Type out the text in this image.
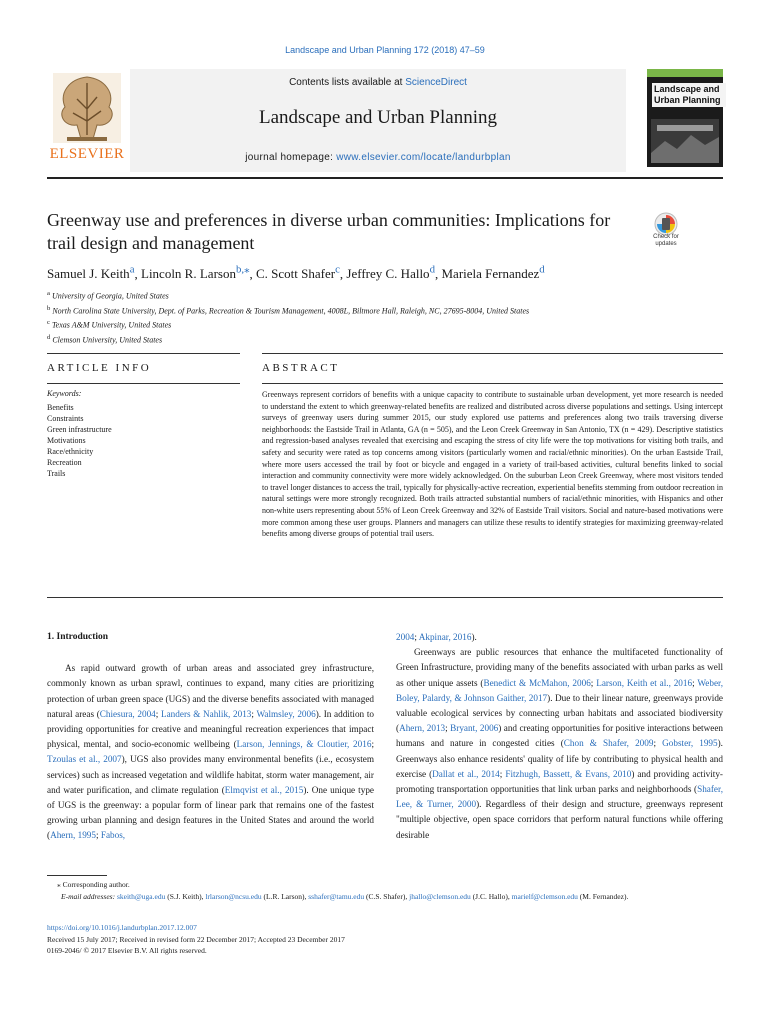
Landscape and Urban Planning 172 (2018) 47–59
ELSEVIER
Contents lists available at ScienceDirect
Landscape and Urban Planning
journal homepage: www.elsevier.com/locate/landurbplan
Landscape and Urban Planning
Greenway use and preferences in diverse urban communities: Implications for trail design and management	Check for updates
Samuel J. Keith$^a$, Lincoln R. Larson$^{b,⁎}$, C. Scott Shafer$^c$, Jeffrey C. Hallo$^d$, Mariela Fernandez$^d$
$^a$ University of Georgia, United States
$^b$ North Carolina State University, Dept. of Parks, Recreation & Tourism Management, 4008L, Biltmore Hall, Raleigh, NC, 27695-8004, United States
$^c$ Texas A&M University, United States
$^d$ Clemson University, United States
ARTICLE INFO	ABSTRACT
Keywords:
Benefits
Constraints
Green infrastructure
Motivations
Race/ethnicity
Recreation
Trails
Greenways represent corridors of benefits with a unique capacity to contribute to sustainable urban development, yet more research is needed to understand the extent to which greenway-related benefits are realized and distributed across diverse populations and settings. Using intercept surveys of greenway users during summer 2015, our study explored use patterns and preferences along two trails traversing diverse neighborhoods: the Eastside Trail in Atlanta, GA (n = 505), and the Leon Creek Greenway in San Antonio, TX (n = 429). Descriptive statistics and regression-based analyses revealed that exercising and escaping the stress of city life were the top motivations for visiting both trails, and safety and security were rated as top concerns among visitors (particularly women and racial/ethnic minorities). On the urban Eastside Trail, where more users accessed the trail by foot or bicycle and engaged in a variety of trail-based activities, cultural benefits linked to social interaction and community connectivity were more widely acknowledged. On the suburban Leon Creek Greenway, where most visitors tended to travel longer distances to access the trail, typically for physically-active recreation, experiential benefits stemming from outdoor recreation in natural settings were more strongly recognized. Both trails attracted substantial numbers of racial/ethnic minorities, with Hispanics and other non-white users representing about 55% of Leon Creek Greenway and 32% of Eastside Trail visitors. Social and nature-based motivations were more common among these user groups. Planners and managers can utilize these results to identify strategies for maximizing greenway-related benefits among diverse groups of potential trail users.

1. Introduction

As rapid outward growth of urban areas and associated grey infrastructure, commonly known as urban sprawl, continues to expand, many cities are prioritizing protection of urban green space (UGS) and the diverse benefits associated with managed natural areas (Chiesura, 2004; Landers & Nahlik, 2013; Walmsley, 2006). In addition to providing opportunities for creative and meaningful recreation experiences that impact physical, mental, and socio-economic wellbeing (Larson, Jennings, & Cloutier, 2016; Tzoulas et al., 2007), UGS also provides many environmental benefits (i.e., ecosystem services) such as increased vegetation and wildlife habitat, storm water management, air and water purification, and climate regulation (Elmqvist et al., 2015). One unique type of UGS is the greenway: a popular form of linear park that remains one of the fastest growing urban planning and design features in the United States and around the world (Ahern, 1995; Fabos,

2004; Akpinar, 2016).

Greenways are public resources that enhance the multifaceted functionality of Green Infrastructure, providing many of the benefits associated with urban parks as well as other unique assets (Benedict & McMahon, 2006; Larson, Keith et al., 2016; Weber, Boley, Palardy, & Johnson Gaither, 2017). Due to their linear nature, greenways provide valuable ecological services by connecting urban habitats and associated biodiversity (Ahern, 2013; Bryant, 2006) and creating opportunities for positive interactions between humans and nature in congested cities (Chon & Shafer, 2009; Gobster, 1995). Greenways also enhance residents' quality of life by contributing to physical health and exercise (Dallat et al., 2014; Fitzhugh, Bassett, & Evans, 2010) and providing activity-promoting transportation opportunities that link urban parks and neighborhoods (Shafer, Lee, & Turner, 2000). Regardless of their design and structure, greenways represent "multiple objective, open space corridors that perform natural functions while offering desirable

⁎ Corresponding author.
E-mail addresses: skeith@uga.edu (S.J. Keith), lrlarson@ncsu.edu (L.R. Larson), sshafer@tamu.edu (C.S. Shafer), jhallo@clemson.edu (J.C. Hallo), marielf@clemson.edu (M. Fernandez).
https://doi.org/10.1016/j.landurbplan.2017.12.007
Received 15 July 2017; Received in revised form 22 December 2017; Accepted 23 December 2017
0169-2046/ © 2017 Elsevier B.V. All rights reserved.
